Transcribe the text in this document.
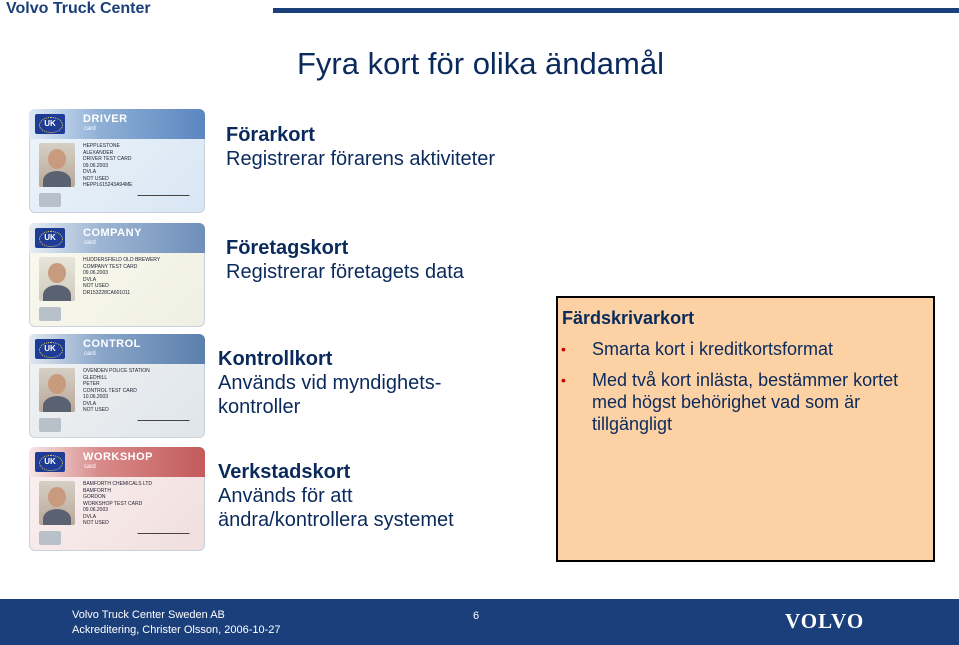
Volvo Truck Center
Fyra kort för olika ändamål
UK	DRIVER
card
HEPPLESTONE
ALEXANDER
DRIVER TEST CARD
09.06.2003
DVLA
NOT USED
HEPPL615243A94ME
Förarkort
Registrerar förarens aktiviteter
UK	COMPANY
card
HUDDERSFIELD OLD BREWERY
COMPANY TEST CARD
09.06.2003
DVLA
NOT USED
DR153228CA601011
Företagskort
Registrerar företagets data
UK	CONTROL
card
OVENDEN POLICE STATION
GLEDHILL
PETER
CONTROL TEST CARD
10.06.2003
DVLA
NOT USED
Kontrollkort
Används vid myndighets-
kontroller
UK	WORKSHOP
card
BAMFORTH CHEMICALS LTD
BAMFORTH
GORDON
WORKSHOP TEST CARD
09.06.2003
DVLA
NOT USED
Verkstadskort
Används för att
ändra/kontrollera systemet
Färdskrivarkort
• Smarta kort i kreditkortsformat
• Med två kort inlästa, bestämmer kortet med högst behörighet vad som är tillgängligt
Volvo Truck Center Sweden AB
Ackreditering, Christer Olsson, 2006-10-27
6	VOLVO
